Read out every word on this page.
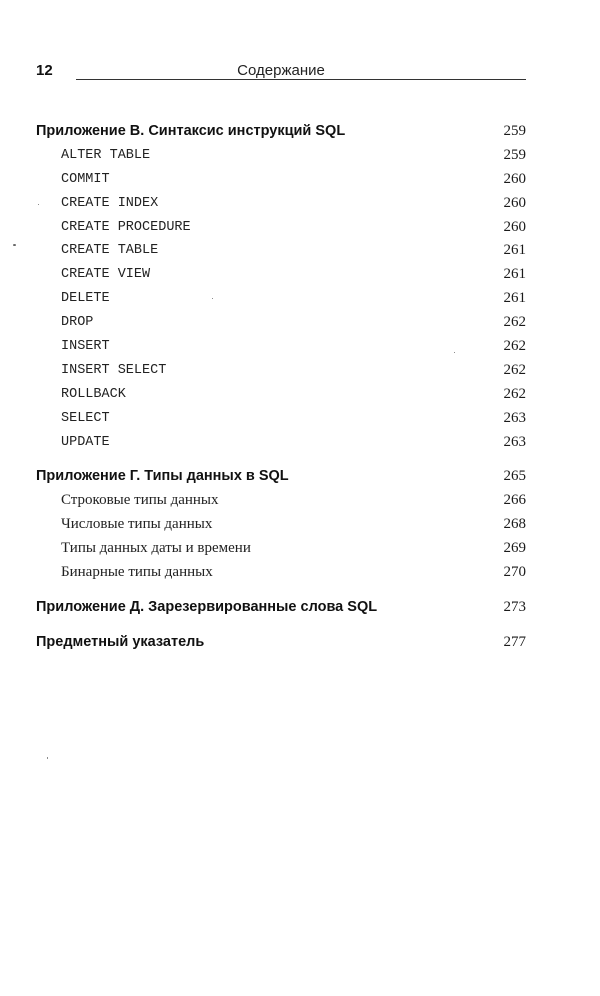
12	Содержание
Приложение В. Синтаксис инструкций SQL	259
ALTER TABLE	259
COMMIT	260
CREATE INDEX	260
CREATE PROCEDURE	260
CREATE TABLE	261
CREATE VIEW	261
DELETE	261
DROP	262
INSERT	262
INSERT SELECT	262
ROLLBACK	262
SELECT	263
UPDATE	263
Приложение Г. Типы данных в SQL	265
Строковые типы данных	266
Числовые типы данных	268
Типы данных даты и времени	269
Бинарные типы данных	270
Приложение Д. Зарезервированные слова SQL	273
Предметный указатель	277
